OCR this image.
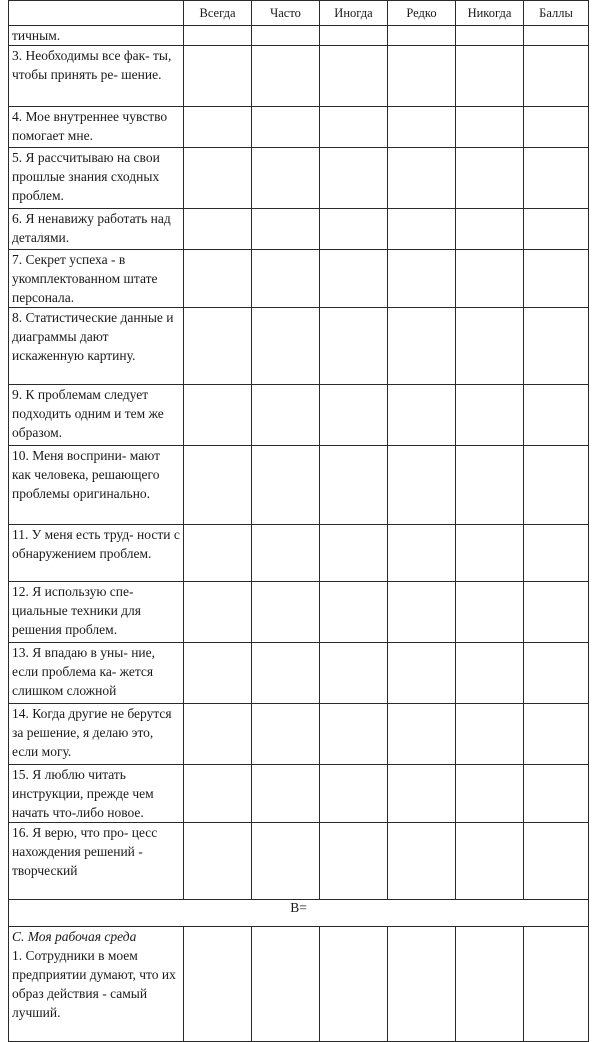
	Всегда	Часто	Иногда	Редко	Никогда	Баллы
тичным.						
3. Необходимы все фак- ты, чтобы принять ре- шение.						
4. Мое внутреннее чувство помогает мне.						
5. Я рассчитываю на свои прошлые знания сходных проблем.						
6. Я ненавижу работать над деталями.						
7. Секрет успеха - в укомплектованном штате персонала.						
8. Статистические данные и диаграммы дают искаженную картину.						
9. К проблемам следует подходить одним и тем же образом.						
10. Меня восприни- мают как человека, решающего проблемы оригинально.						
11. У меня есть труд- ности с обнаружением проблем.						
12. Я использую спе- циальные техники для решения проблем.						
13. Я впадаю в уны- ние, если проблема ка- жется слишком сложной						
14. Когда другие не берутся за решение, я делаю это, если могу.						
15. Я люблю читать инструкции, прежде чем начать что-либо новое.						
16. Я верю, что про- цесс нахождения решений - творческий						
B=						

С. Моя рабочая среда
1. Сотрудники в моем предприятии думают, что их образ действия - самый лучший.						
